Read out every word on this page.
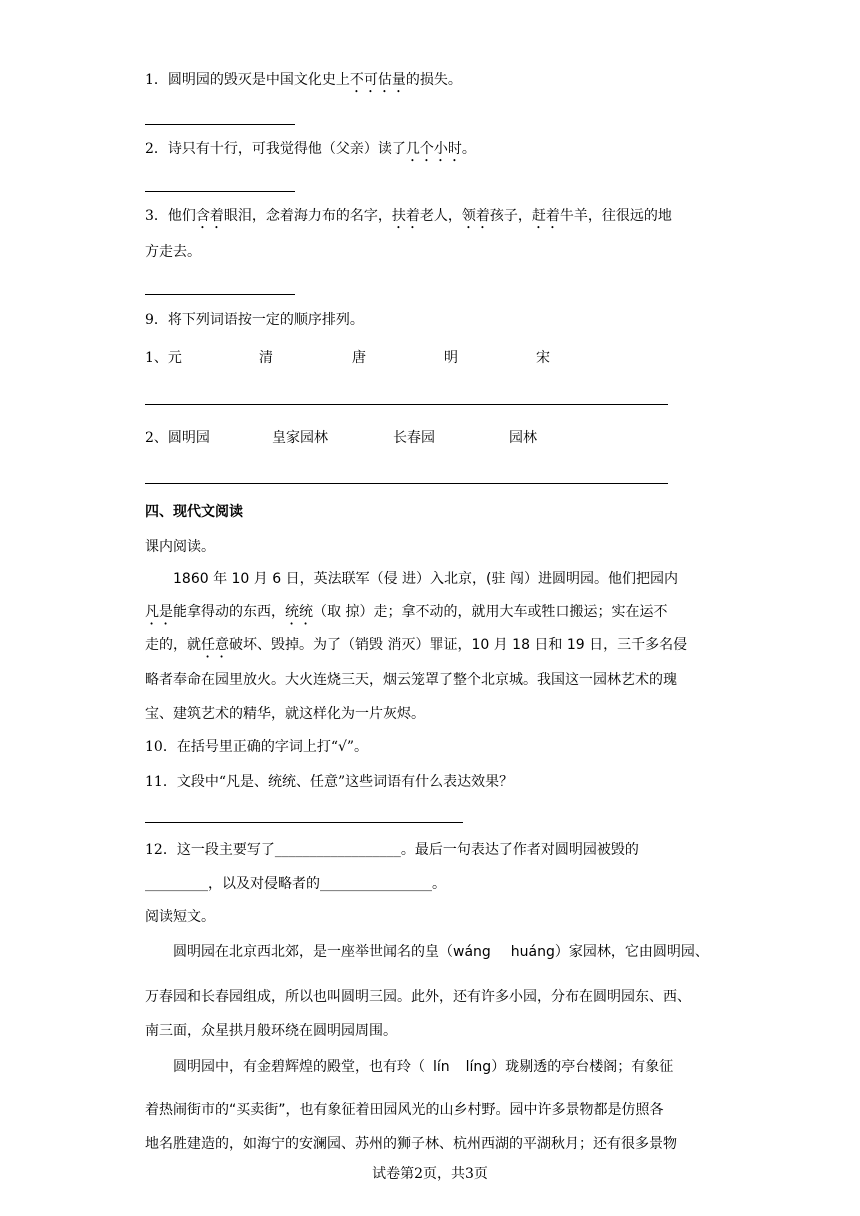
1．圆明园的毁灭是中国文化史上不可估量的损失。
2．诗只有十行，可我觉得他（父亲）读了几个小时。
3．他们含着眼泪，念着海力布的名字，扶着老人，领着孩子，赶着牛羊，往很远的地
方走去。
9．将下列词语按一定的顺序排列。
1、元	清	唐	明	宋
2、圆明园	皇家园林	长春园	园林
四、现代文阅读
课内阅读。
1860 年 10 月 6 日，英法联军（侵 进）入北京，(驻 闯）进圆明园。他们把园内
凡是能拿得动的东西，统统（取 掠）走；拿不动的，就用大车或牲口搬运；实在运不
走的，就任意破坏、毁掉。为了（销毁 消灭）罪证，10 月 18 日和 19 日，三千多名侵
略者奉命在园里放火。大火连烧三天，烟云笼罩了整个北京城。我国这一园林艺术的瑰
宝、建筑艺术的精华，就这样化为一片灰烬。
10．在括号里正确的字词上打“√”。
11．文段中“凡是、统统、任意”这些词语有什么表达效果？
12．这一段主要写了__________________。最后一句表达了作者对圆明园被毁的
_________，以及对侵略者的________________。
阅读短文。
圆明园在北京西北郊，是一座举世闻名的皇（wáng huáng）家园林，它由圆明园、
万春园和长春园组成，所以也叫圆明三园。此外，还有许多小园，分布在圆明园东、西、
南三面，众星拱月般环绕在圆明园周围。
圆明园中，有金碧辉煌的殿堂，也有玲（ lín líng）珑剔透的亭台楼阁；有象征
着热闹街市的“买卖街”，也有象征着田园风光的山乡村野。园中许多景物都是仿照各
地名胜建造的，如海宁的安澜园、苏州的狮子林、杭州西湖的平湖秋月；还有很多景物
试卷第2页，共3页
